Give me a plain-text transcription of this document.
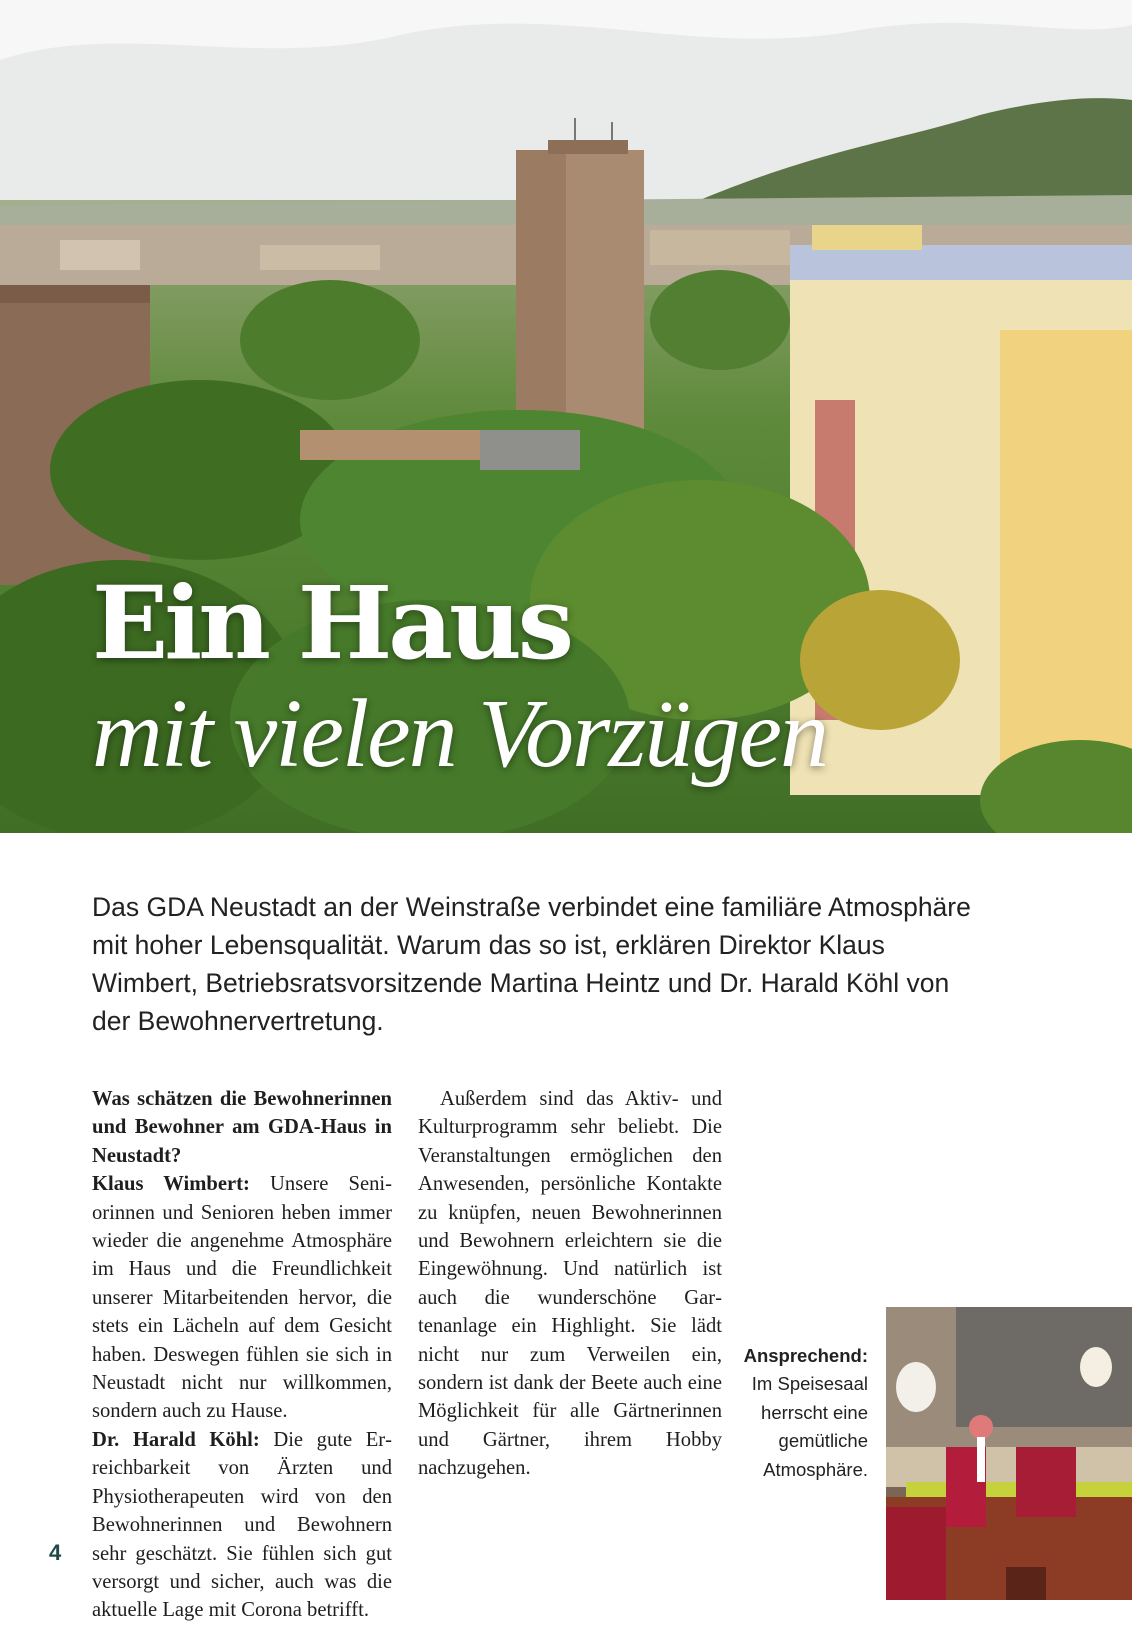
Ein Haus
mit vielen Vorzügen

Das GDA Neustadt an der Weinstraße verbindet eine familiäre Atmosphäre mit hoher Lebensqualität. Warum das so ist, erklären Direktor Klaus Wimbert, Betriebsratsvorsitzende Martina Heintz und Dr. Harald Köhl von der Bewohnervertretung.

Was schätzen die Bewohnerinnen und Bewohner am GDA-Haus in Neustadt?
Klaus Wimbert: Unsere Seniorinnen und Senioren heben immer wieder die angenehme Atmosphäre im Haus und die Freundlichkeit unserer Mitarbeitenden hervor, die stets ein Lächeln auf dem Gesicht haben. Deswegen fühlen sie sich in Neustadt nicht nur willkommen, sondern auch zu Hause.
Dr. Harald Köhl: Die gute Erreichbarkeit von Ärzten und Physiotherapeuten wird von den Bewohnerinnen und Bewohnern sehr geschätzt. Sie fühlen sich gut versorgt und sicher, auch was die aktuelle Lage mit Corona betrifft.

Außerdem sind das Aktiv- und Kulturprogramm sehr beliebt. Die Veranstaltungen ermöglichen den Anwesenden, persönliche Kontakte zu knüpfen, neuen Bewohnerinnen und Bewohnern erleichtern sie die Eingewöhnung. Und natürlich ist auch die wunderschöne Gartenanlage ein Highlight. Sie lädt nicht nur zum Verweilen ein, sondern ist dank der Beete auch eine Möglichkeit für alle Gärtnerinnen und Gärtner, ihrem Hobby nachzugehen.

Ansprechend:
Im Speisesaal herrscht eine gemütliche Atmosphäre.

4
